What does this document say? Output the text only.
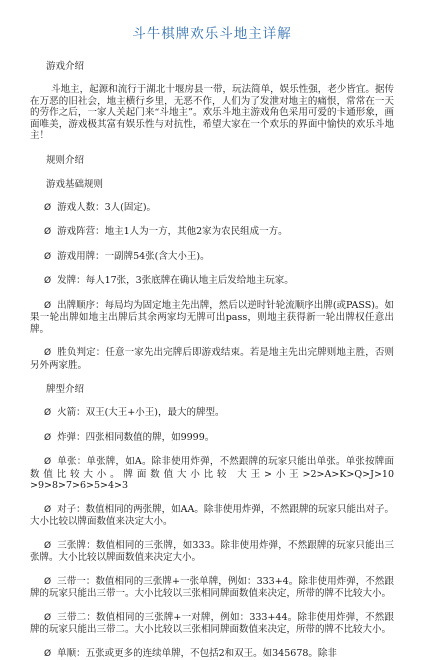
斗牛棋牌欢乐斗地主详解
游戏介绍

斗地主，起源和流行于湖北十堰房县一带，玩法简单，娱乐性强，老少皆宜。据传在万恶的旧社会，地主横行乡里，无恶不作，人们为了发泄对地主的痛恨，常常在一天的劳作之后，一家人关起门来“斗地主”。欢乐斗地主游戏角色采用可爱的卡通形象，画面唯美，游戏极其富有娱乐性与对抗性，希望大家在一个欢乐的界面中愉快的欢乐斗地主！

规则介绍
游戏基础规则

Ø 游戏人数：3人(固定)。

Ø 游戏阵营：地主1人为一方，其他2家为农民组成一方。

Ø 游戏用牌：一副牌54张(含大小王)。

Ø 发牌：每人17张，3张底牌在确认地主后发给地主玩家。

Ø 出牌顺序：每局均为固定地主先出牌，然后以逆时针轮流顺序出牌(或PASS)。如果一轮出牌如地主出牌后其余两家均无牌可出pass，则地主获得新一轮出牌权任意出牌。

Ø 胜负判定：任意一家先出完牌后即游戏结束。若是地主先出完牌则地主胜，否则另外两家胜。

牌型介绍

Ø 火箭：双王(大王+小王)，最大的牌型。

Ø 炸弹：四张相同数值的牌，如9999。

Ø 单张：单张牌，如A。除非使用炸弹，不然跟牌的玩家只能出单张。单张按牌面数值比较大小。牌面数值大小比较 大王>小王>2>A>K>Q>J>10 >9>8>7>6>5>4>3

Ø 对子：数值相同的两张牌，如AA。除非使用炸弹，不然跟牌的玩家只能出对子。大小比较以牌面数值来决定大小。

Ø 三张牌：数值相同的三张牌，如333。除非使用炸弹，不然跟牌的玩家只能出三张牌。大小比较以牌面数值来决定大小。

Ø 三带一：数值相同的三张牌+一张单牌，例如：333+4。除非使用炸弹，不然跟牌的玩家只能出三带一。大小比较以三张相同牌面数值来决定，所带的牌不比较大小。

Ø 三带二：数值相同的三张牌+一对牌，例如：333+44。除非使用炸弹，不然跟牌的玩家只能出三带二。大小比较以三张相同牌面数值来决定，所带的牌不比较大小。

Ø 单顺：五张或更多的连续单牌，不包括2和双王。如345678。除非
